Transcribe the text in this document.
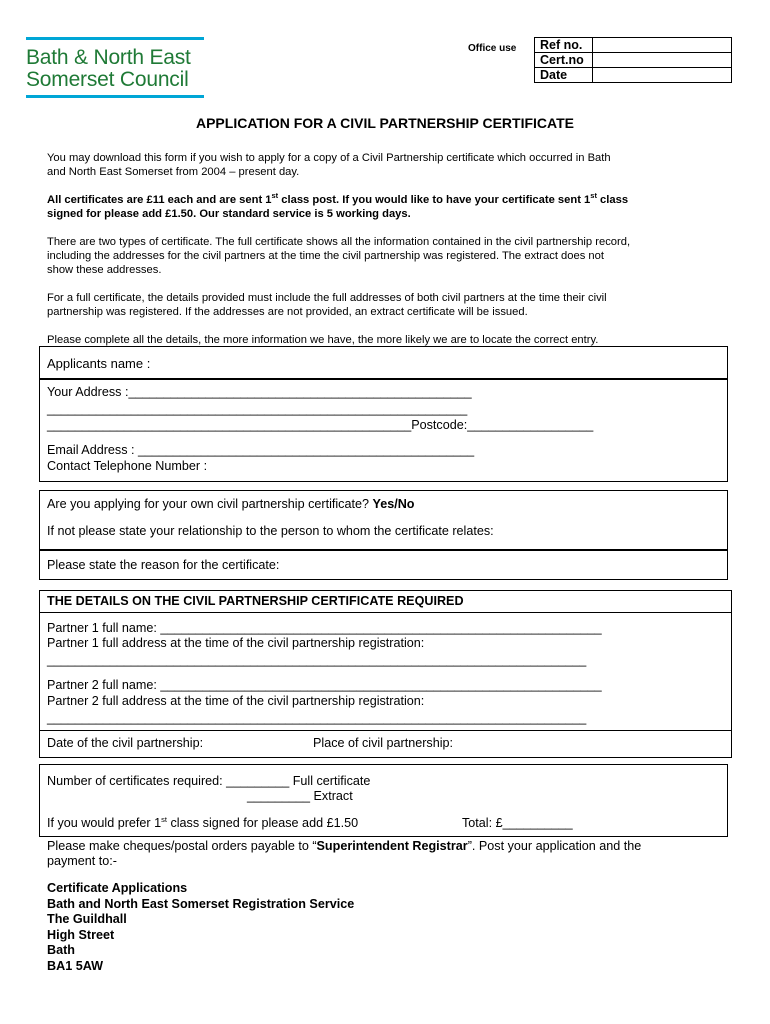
Bath & North East
Somerset Council
Office use Ref no.	
Cert.no	
Date	
APPLICATION FOR A CIVIL PARTNERSHIP CERTIFICATE
You may download this form if you wish to apply for a copy of a Civil Partnership certificate which occurred in Bath
and North East Somerset from 2004 – present day.
All certificates are £11 each and are sent 1st class post. If you would like to have your certificate sent 1st class
signed for please add £1.50. Our standard service is 5 working days.
There are two types of certificate. The full certificate shows all the information contained in the civil partnership record,
including the addresses for the civil partners at the time the civil partnership was registered. The extract does not
show these addresses.
For a full certificate, the details provided must include the full addresses of both civil partners at the time their civil
partnership was registered. If the addresses are not provided, an extract certificate will be issued.
Please complete all the details, the more information we have, the more likely we are to locate the correct entry.
Applicants name :
Your Address :_________________________________________________
____________________________________________________________
____________________________________________________Postcode:__________________
Email Address : ________________________________________________
Contact Telephone Number :
Are you applying for your own civil partnership certificate? Yes/No
If not please state your relationship to the person to whom the certificate relates:
Please state the reason for the certificate:
THE DETAILS ON THE CIVIL PARTNERSHIP CERTIFICATE REQUIRED
Partner 1 full name: _______________________________________________________________
Partner 1 full address at the time of the civil partnership registration:
_____________________________________________________________________________
Partner 2 full name: _______________________________________________________________
Partner 2 full address at the time of the civil partnership registration:
_____________________________________________________________________________
Date of the civil partnership:	Place of civil partnership:
Number of certificates required: _________ Full certificate
_________ Extract
If you would prefer 1st class signed for please add £1.50	Total: £__________
Please make cheques/postal orders payable to “Superintendent Registrar”. Post your application and the
payment to:-
Certificate Applications
Bath and North East Somerset Registration Service
The Guildhall
High Street
Bath
BA1 5AW
